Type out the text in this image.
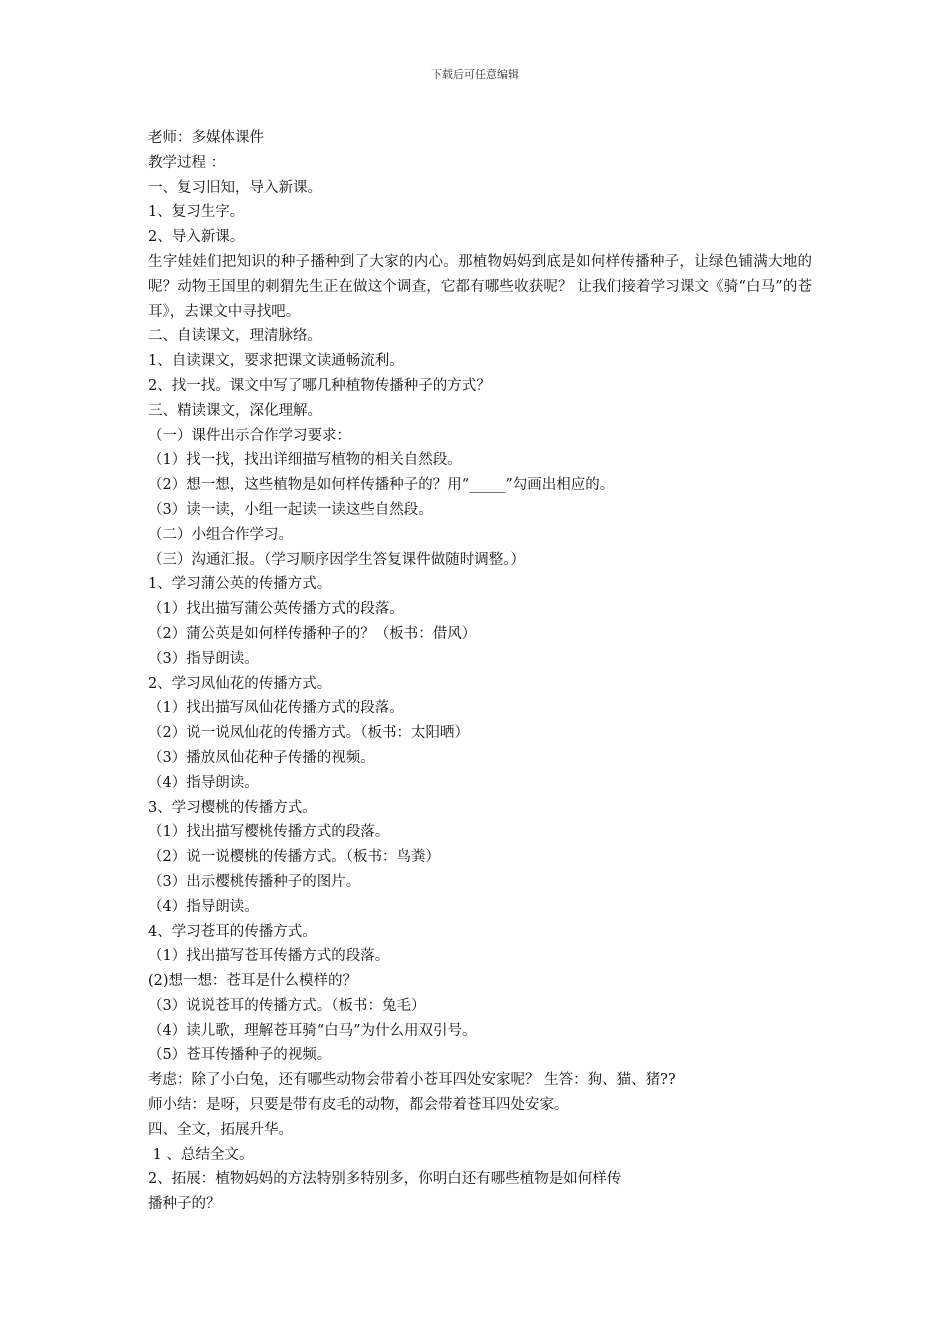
下载后可任意编辑
老师：多媒体课件
教学过程 ：
一、复习旧知，导入新课。
1、复习生字。
2、导入新课。
生字娃娃们把知识的种子播种到了大家的内心。那植物妈妈到底是如何样传播种子，让绿色铺满大地的呢？动物王国里的刺猬先生正在做这个调查，它都有哪些收获呢？ 让我们接着学习课文《骑“白马”的苍耳》，去课文中寻找吧。
二、自读课文，理清脉络。
1、自读课文，要求把课文读通畅流利。
2、找一找。课文中写了哪几种植物传播种子的方式？
三、精读课文，深化理解。
（一）课件出示合作学习要求：
（1）找一找，找出详细描写植物的相关自然段。
（2）想一想，这些植物是如何样传播种子的？用“_____”勾画出相应的。
（3）读一读，小组一起读一读这些自然段。
（二）小组合作学习。
（三）沟通汇报。（学习顺序因学生答复课件做随时调整。）
1、学习蒲公英的传播方式。
（1）找出描写蒲公英传播方式的段落。
（2）蒲公英是如何样传播种子的？（板书：借风）
（3）指导朗读。
2、学习凤仙花的传播方式。
（1）找出描写凤仙花传播方式的段落。
（2）说一说凤仙花的传播方式。（板书：太阳晒）
（3）播放凤仙花种子传播的视频。
（4）指导朗读。
3、学习樱桃的传播方式。
（1）找出描写樱桃传播方式的段落。
（2）说一说樱桃的传播方式。（板书：鸟粪）
（3）出示樱桃传播种子的图片。
（4）指导朗读。
4、学习苍耳的传播方式。
（1）找出描写苍耳传播方式的段落。
(2)想一想：苍耳是什么模样的？
（3）说说苍耳的传播方式。（板书：兔毛）
（4）读儿歌，理解苍耳骑“白马”为什么用双引号。
（5）苍耳传播种子的视频。
考虑：除了小白兔，还有哪些动物会带着小苍耳四处安家呢？ 生答：狗、猫、猪??
师小结：是呀，只要是带有皮毛的动物，都会带着苍耳四处安家。
四、全文，拓展升华。
1 、总结全文。
2、拓展：植物妈妈的方法特别多特别多，你明白还有哪些植物是如何样传
播种子的？
